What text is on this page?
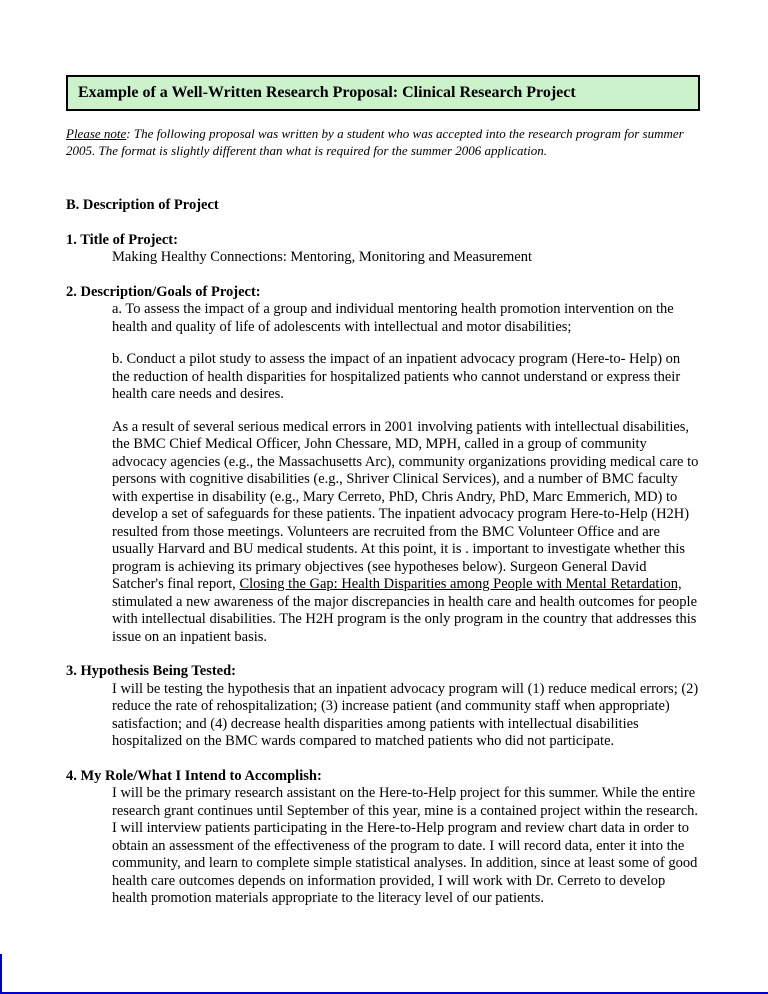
Example of a Well-Written Research Proposal: Clinical Research Project

Please note: The following proposal was written by a student who was accepted into the research program for summer 2005. The format is slightly different than what is required for the summer 2006 application.

B. Description of Project
1. Title of Project:
Making Healthy Connections: Mentoring, Monitoring and Measurement
2. Description/Goals of Project:

a. To assess the impact of a group and individual mentoring health promotion intervention on the health and quality of life of adolescents with intellectual and motor disabilities;

b. Conduct a pilot study to assess the impact of an inpatient advocacy program (Here-to- Help) on the reduction of health disparities for hospitalized patients who cannot understand or express their health care needs and desires.

As a result of several serious medical errors in 2001 involving patients with intellectual disabilities, the BMC Chief Medical Officer, John Chessare, MD, MPH, called in a group of community advocacy agencies (e.g., the Massachusetts Arc), community organizations providing medical care to persons with cognitive disabilities (e.g., Shriver Clinical Services), and a number of BMC faculty with expertise in disability (e.g., Mary Cerreto, PhD, Chris Andry, PhD, Marc Emmerich, MD) to develop a set of safeguards for these patients. The inpatient advocacy program Here-to-Help (H2H) resulted from those meetings. Volunteers are recruited from the BMC Volunteer Office and are usually Harvard and BU medical students. At this point, it is . important to investigate whether this program is achieving its primary objectives (see hypotheses below). Surgeon General David Satcher's final report, Closing the Gap: Health Disparities among People with Mental Retardation, stimulated a new awareness of the major discrepancies in health care and health outcomes for people with intellectual disabilities. The H2H program is the only program in the country that addresses this issue on an inpatient basis.

3. Hypothesis Being Tested:
I will be testing the hypothesis that an inpatient advocacy program will (1) reduce medical errors; (2) reduce the rate of rehospitalization; (3) increase patient (and community staff when appropriate) satisfaction; and (4) decrease health disparities among patients with intellectual disabilities hospitalized on the BMC wards compared to matched patients who did not participate.
4. My Role/What I Intend to Accomplish:
I will be the primary research assistant on the Here-to-Help project for this summer. While the entire research grant continues until September of this year, mine is a contained project within the research. I will interview patients participating in the Here-to-Help program and review chart data in order to obtain an assessment of the effectiveness of the program to date. I will record data, enter it into the community, and learn to complete simple statistical analyses. In addition, since at least some of good health care outcomes depends on information provided, I will work with Dr. Cerreto to develop health promotion materials appropriate to the literacy level of our patients.
